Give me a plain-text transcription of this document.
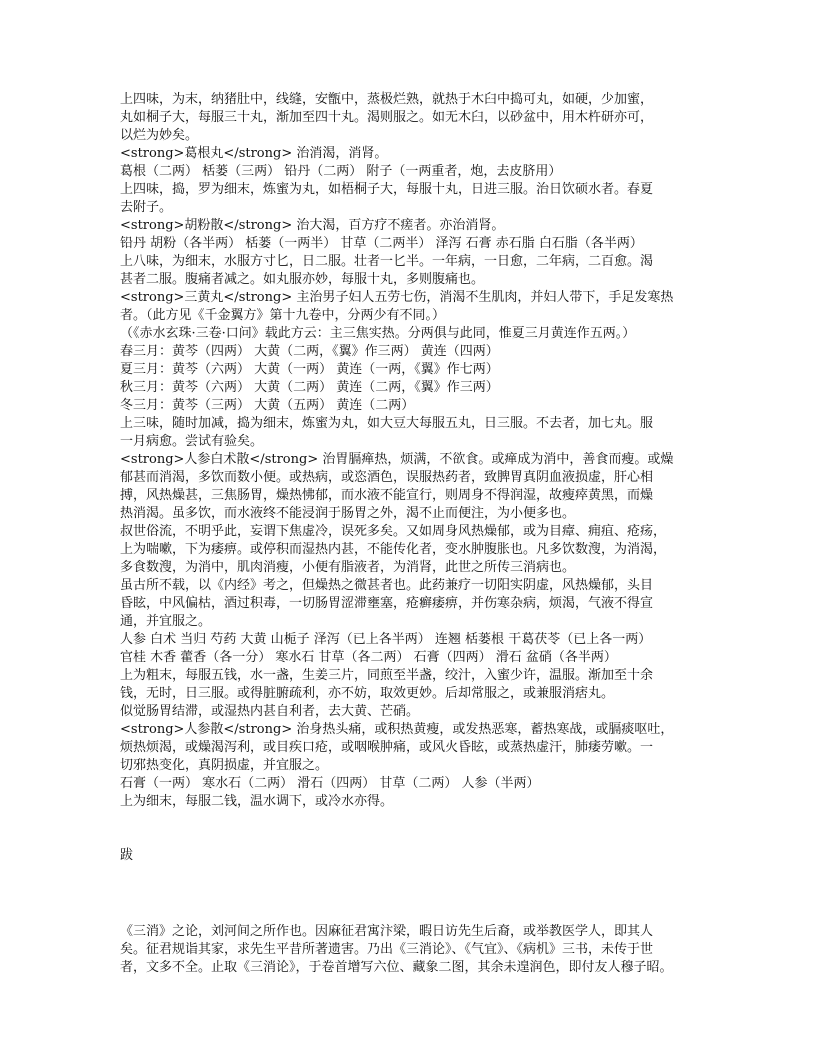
上四味，为末，纳猪肚中，线缝，安甑中，蒸极烂熟，就热于木臼中捣可丸，如硬，少加蜜，

丸如桐子大，每服三十丸，渐加至四十丸。渴则服之。如无木臼，以砂盆中，用木杵研亦可，

以烂为妙矣。

<strong>葛根丸</strong> 治消渴，消肾。

葛根（二两） 栝蒌（三两） 铅丹（二两） 附子（一两重者，炮，去皮脐用）

上四味，捣，罗为细末，炼蜜为丸，如梧桐子大，每服十丸，日进三服。治日饮硕水者。春夏

去附子。

<strong>胡粉散</strong> 治大渴，百方疗不瘥者。亦治消肾。

铅丹 胡粉（各半两） 栝蒌（一两半） 甘草（二两半） 泽泻 石膏 赤石脂 白石脂（各半两）

上八味，为细末，水服方寸匕，日二服。壮者一匕半。一年病，一日愈，二年病，二百愈。渴

甚者二服。腹痛者减之。如丸服亦妙，每服十丸，多则腹痛也。

<strong>三黄丸</strong> 主治男子妇人五劳七伤，消渴不生肌肉，并妇人带下，手足发寒热

者。（此方见《千金翼方》第十九卷中，分两少有不同。）

（《赤水玄珠·三卷·口问》载此方云：主三焦实热。分两俱与此同，惟夏三月黄连作五两。）

春三月：黄芩（四两） 大黄（二两，《翼》作三两） 黄连（四两）

夏三月：黄芩（六两） 大黄（一两） 黄连（一两，《翼》作七两）

秋三月：黄芩（六两） 大黄（二两） 黄连（二两，《翼》作三两）

冬三月：黄芩（三两） 大黄（五两） 黄连（二两）

上三味，随时加减，捣为细末，炼蜜为丸，如大豆大每服五丸，日三服。不去者，加七丸。服

一月病愈。尝试有验矣。

<strong>人参白术散</strong> 治胃膈瘅热，烦满，不欲食。或瘅成为消中，善食而瘦。或燥

郁甚而消渴，多饮而数小便。或热病，或恣酒色，误服热药者，致脾胃真阴血液损虚，肝心相

搏，风热燥甚，三焦肠胃，燥热怫郁，而水液不能宣行，则周身不得润湿，故瘦瘁黄黑，而燥

热消渴。虽多饮，而水液终不能浸润于肠胃之外，渴不止而便注，为小便多也。

叔世俗流，不明乎此，妄谓下焦虚冷，误死多矣。又如周身风热燥郁，或为目瘴、痈疽、疮疡，

上为喘嗽，下为痿痹。或停积而湿热内甚，不能传化者，变水肿腹胀也。凡多饮数溲，为消渴，

多食数溲，为消中，肌肉消瘦，小便有脂液者，为消肾，此世之所传三消病也。

虽古所不载，以《内经》考之，但燥热之微甚者也。此药兼疗一切阳实阴虚，风热燥郁，头目

昏眩，中风偏枯，酒过积毒，一切肠胃涩滞壅塞，疮癣痿痹，并伤寒杂病，烦渴，气液不得宣

通，并宜服之。

人参 白术 当归 芍药 大黄 山栀子 泽泻（已上各半两） 连翘 栝蒌根 干葛茯苓（已上各一两）

官桂 木香 藿香（各一分） 寒水石 甘草（各二两） 石膏（四两） 滑石 盆硝（各半两）

上为粗末，每服五钱，水一盏，生姜三片，同煎至半盏，绞汁，入蜜少许，温服。渐加至十余

钱，无时，日三服。或得脏腑疏利，亦不妨，取效更妙。后却常服之，或兼服消痞丸。

似觉肠胃结滞，或湿热内甚自利者，去大黄、芒硝。

<strong>人参散</strong> 治身热头痛，或积热黄瘦，或发热恶寒，蓄热寒战，或膈痰呕吐，

烦热烦渴，或燥渴泻利，或目疾口疮，或咽喉肿痛，或风火昏眩，或蒸热虚汗，肺痿劳嗽。一

切邪热变化，真阴损虚，并宜服之。

石膏（一两） 寒水石（二两） 滑石（四两） 甘草（二两） 人参（半两）

上为细末，每服二钱，温水调下，或冷水亦得。

跋

《三消》之论，刘河间之所作也。因麻征君寓汴梁，暇日访先生后裔，或举教医学人，即其人

矣。征君规诣其家，求先生平昔所著遗害。乃出《三消论》、《气宜》、《病机》三书，未传于世

者，文多不全。止取《三消论》，于卷首增写六位、藏象二图，其余未遑润色，即付友人穆子昭。
